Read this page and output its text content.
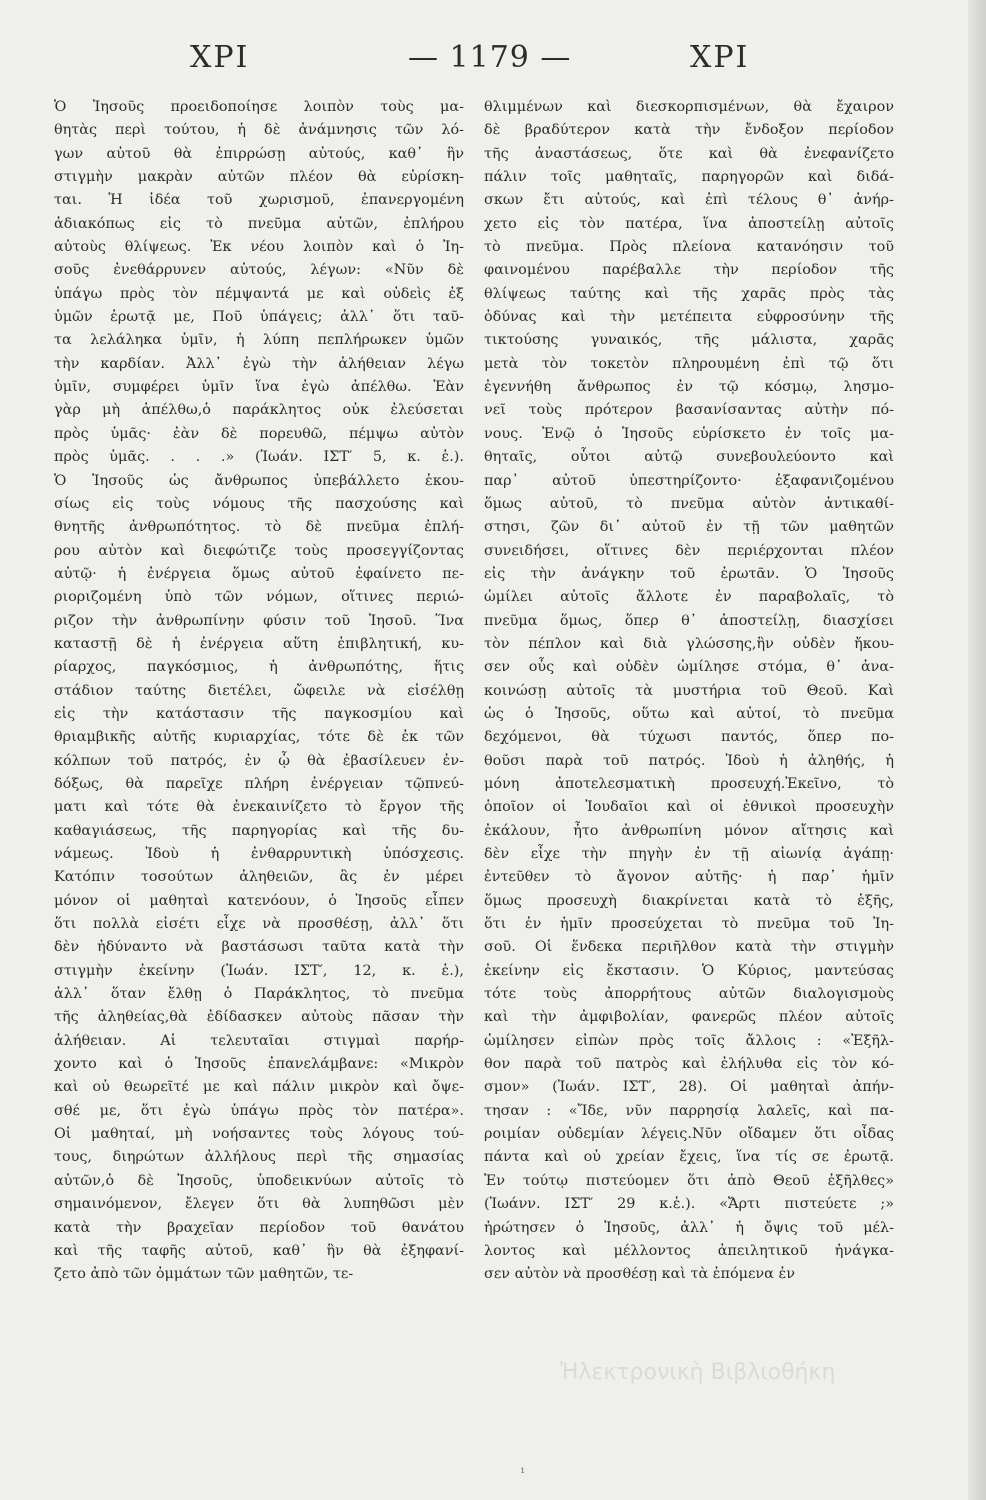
ΧΡΙ	— 1179 —	ΧΡΙ
Ὁ Ἰησοῦς προειδοποίησε λοιπὸν τοὺς μα-
θητὰς περὶ τούτου, ἡ δὲ ἀνάμνησις τῶν λό-
γων αὐτοῦ θὰ ἐπιρρώσῃ αὐτούς, καθ᾽ ἣν
στιγμὴν μακρὰν αὐτῶν πλέον θὰ εὑρίσκη-
ται. Ἡ ἰδέα τοῦ χωρισμοῦ, ἐπανεργομένη
ἀδιακόπως εἰς τὸ πνεῦμα αὐτῶν, ἐπλήρου
αὐτοὺς θλίψεως. Ἐκ νέου λοιπὸν καὶ ὁ Ἰη-
σοῦς ἐνεθάρρυνεν αὐτούς, λέγων: «Νῦν δὲ
ὑπάγω πρὸς τὸν πέμψαντά με καὶ οὐδεὶς ἐξ
ὑμῶν ἐρωτᾷ με, Ποῦ ὑπάγεις; ἀλλ᾽ ὅτι ταῦ-
τα λελάληκα ὑμῖν, ἡ λύπη πεπλήρωκεν ὑμῶν
τὴν καρδίαν. Ἀλλ᾽ ἐγὼ τὴν ἀλήθειαν λέγω
ὑμῖν, συμφέρει ὑμῖν ἵνα ἐγὼ ἀπέλθω. Ἐὰν
γὰρ μὴ ἀπέλθω,ὁ παράκλητος οὐκ ἐλεύσεται
πρὸς ὑμᾶς· ἐὰν δὲ πορευθῶ, πέμψω αὐτὸν
πρὸς ὑμᾶς. . . .» (Ἰωάν. ΙΣΤ′ 5, κ. ἑ.).
Ὁ Ἰησοῦς ὡς ἄνθρωπος ὑπεβάλλετο ἑκου-
σίως εἰς τοὺς νόμους τῆς πασχούσης καὶ
θνητῆς ἀνθρωπότητος. τὸ δὲ πνεῦμα ἐπλή-
ρου αὐτὸν καὶ διεφώτιζε τοὺς προσεγγίζοντας
αὐτῷ· ἡ ἐνέργεια ὅμως αὐτοῦ ἐφαίνετο πε-
ριοριζομένη ὑπὸ τῶν νόμων, οἵτινες περιώ-
ριζον τὴν ἀνθρωπίνην φύσιν τοῦ Ἰησοῦ. Ἵνα
καταστῇ δὲ ἡ ἐνέργεια αὕτη ἐπιβλητική, κυ-
ρίαρχος, παγκόσμιος, ἡ ἀνθρωπότης, ἥτις
στάδιον ταύτης διετέλει, ὤφειλε νὰ εἰσέλθῃ
εἰς τὴν κατάστασιν τῆς παγκοσμίου καὶ
θριαμβικῆς αὐτῆς κυριαρχίας, τότε δὲ ἐκ τῶν
κόλπων τοῦ πατρός, ἐν ᾧ θὰ ἐβασίλευεν ἐν-
δόξως, θὰ παρεῖχε πλήρη ἐνέργειαν τῷπνεύ-
ματι καὶ τότε θὰ ἐνεκαινίζετο τὸ ἔργον τῆς
καθαγιάσεως, τῆς παρηγορίας καὶ τῆς δυ-
νάμεως. Ἰδοὺ ἡ ἐνθαρρυντικὴ ὑπόσχεσις.
Κατόπιν τοσούτων ἀληθειῶν, ἃς ἐν μέρει
μόνον οἱ μαθηταὶ κατενόουν, ὁ Ἰησοῦς εἶπεν
ὅτι πολλὰ εἰσέτι εἶχε νὰ προσθέσῃ, ἀλλ᾽ ὅτι
δὲν ἠδύναντο νὰ βαστάσωσι ταῦτα κατὰ τὴν
στιγμὴν ἐκείνην (Ἰωάν. ΙΣΤ′, 12, κ. ἑ.),
ἀλλ᾽ ὅταν ἔλθῃ ὁ Παράκλητος, τὸ πνεῦμα
τῆς ἀληθείας,θὰ ἐδίδασκεν αὐτοὺς πᾶσαν τὴν
ἀλήθειαν. Αἱ τελευταῖαι στιγμαὶ παρήρ-
χοντο καὶ ὁ Ἰησοῦς ἐπανελάμβανε: «Μικρὸν
καὶ οὐ θεωρεῖτέ με καὶ πάλιν μικρὸν καὶ ὄψε-
σθέ με, ὅτι ἐγὼ ὑπάγω πρὸς τὸν πατέρα».
Οἱ μαθηταί, μὴ νοήσαντες τοὺς λόγους τού-
τους, διηρώτων ἀλλήλους περὶ τῆς σημασίας
αὐτῶν,ὁ δὲ Ἰησοῦς, ὑποδεικνύων αὐτοῖς τὸ
σημαινόμενον, ἔλεγεν ὅτι θὰ λυπηθῶσι μὲν
κατὰ τὴν βραχεῖαν περίοδον τοῦ θανάτου
καὶ τῆς ταφῆς αὐτοῦ, καθ᾽ ἣν θὰ ἐξηφανί-
ζετο ἀπὸ τῶν ὀμμάτων τῶν μαθητῶν, τε-
θλιμμένων καὶ διεσκορπισμένων, θὰ ἔχαιρον
δὲ βραδύτερον κατὰ τὴν ἔνδοξον περίοδον
τῆς ἀναστάσεως, ὅτε καὶ θὰ ἐνεφανίζετο
πάλιν τοῖς μαθηταῖς, παρηγορῶν καὶ διδά-
σκων ἔτι αὐτούς, καὶ ἐπὶ τέλους θ᾽ ἀνήρ-
χετο εἰς τὸν πατέρα, ἵνα ἀποστείλῃ αὐτοῖς
τὸ πνεῦμα. Πρὸς πλείονα κατανόησιν τοῦ
φαινομένου παρέβαλλε τὴν περίοδον τῆς
θλίψεως ταύτης καὶ τῆς χαρᾶς πρὸς τὰς
ὀδύνας καὶ τὴν μετέπειτα εὐφροσύνην τῆς
τικτούσης γυναικός, τῆς μάλιστα, χαρᾶς
μετὰ τὸν τοκετὸν πληρουμένη ἐπὶ τῷ ὅτι
ἐγεννήθη ἄνθρωπος ἐν τῷ κόσμῳ, λησμο-
νεῖ τοὺς πρότερον βασανίσαντας αὐτὴν πό-
νους. Ἐνῷ ὁ Ἰησοῦς εὑρίσκετο ἐν τοῖς μα-
θηταῖς, οὗτοι αὐτῷ συνεβουλεύοντο καὶ
παρ᾽ αὐτοῦ ὑπεστηρίζοντο· ἐξαφανιζομένου
ὅμως αὐτοῦ, τὸ πνεῦμα αὐτὸν ἀντικαθί-
στησι, ζῶν δι᾽ αὐτοῦ ἐν τῇ τῶν μαθητῶν
συνειδήσει, οἵτινες δὲν περιέρχονται πλέον
εἰς τὴν ἀνάγκην τοῦ ἐρωτᾶν. Ὁ Ἰησοῦς
ὡμίλει αὐτοῖς ἄλλοτε ἐν παραβολαῖς, τὸ
πνεῦμα ὅμως, ὅπερ θ᾽ ἀποστείλῃ, διασχίσει
τὸν πέπλον καὶ διὰ γλώσσης,ἣν οὐδὲν ἤκου-
σεν οὖς καὶ οὐδὲν ὡμίλησε στόμα, θ᾽ ἀνα-
κοινώσῃ αὐτοῖς τὰ μυστήρια τοῦ Θεοῦ. Καὶ
ὡς ὁ Ἰησοῦς, οὕτω καὶ αὐτοί, τὸ πνεῦμα
δεχόμενοι, θὰ τύχωσι παντός, ὅπερ πο-
θοῦσι παρὰ τοῦ πατρός. Ἰδοὺ ἡ ἀληθής, ἡ
μόνη ἀποτελεσματικὴ προσευχή.Ἐκεῖνο, τὸ
ὁποῖον οἱ Ἰουδαῖοι καὶ οἱ ἐθνικοὶ προσευχὴν
ἐκάλουν, ἦτο ἀνθρωπίνη μόνον αἴτησις καὶ
δὲν εἶχε τὴν πηγὴν ἐν τῇ αἰωνίᾳ ἀγάπῃ·
ἐντεῦθεν τὸ ἄγονον αὐτῆς· ἡ παρ᾽ ἡμῖν
ὅμως προσευχὴ διακρίνεται κατὰ τὸ ἑξῆς,
ὅτι ἐν ἡμῖν προσεύχεται τὸ πνεῦμα τοῦ Ἰη-
σοῦ. Οἱ ἕνδεκα περιῆλθον κατὰ τὴν στιγμὴν
ἐκείνην εἰς ἔκστασιν. Ὁ Κύριος, μαντεύσας
τότε τοὺς ἀπορρήτους αὐτῶν διαλογισμοὺς
καὶ τὴν ἀμφιβολίαν, φανερῶς πλέον αὐτοῖς
ὡμίλησεν εἰπὼν πρὸς τοῖς ἄλλοις : «Ἐξῆλ-
θον παρὰ τοῦ πατρὸς καὶ ἐλήλυθα εἰς τὸν κό-
σμον» (Ἰωάν. ΙΣΤ′, 28). Οἱ μαθηταὶ ἀπήν-
τησαν : «Ἴδε, νῦν παρρησίᾳ λαλεῖς, καὶ πα-
ροιμίαν οὐδεμίαν λέγεις.Νῦν οἴδαμεν ὅτι οἶδας
πάντα καὶ οὐ χρείαν ἔχεις, ἵνα τίς σε ἐρωτᾷ.
Ἐν τούτῳ πιστεύομεν ὅτι ἀπὸ Θεοῦ ἐξῆλθες»
(Ἰωάνν. ΙΣΤ′ 29 κ.ἑ.). «Ἄρτι πιστεύετε ;»
ἠρώτησεν ὁ Ἰησοῦς, ἀλλ᾽ ἡ ὄψις τοῦ μέλ-
λοντος καὶ μέλλοντος ἀπειλητικοῦ ἠνάγκα-
σεν αὐτὸν νὰ προσθέσῃ καὶ τὰ ἑπόμενα ἐν
Ἠλεκτρονικὴ Βιβλιοθήκη
¹
